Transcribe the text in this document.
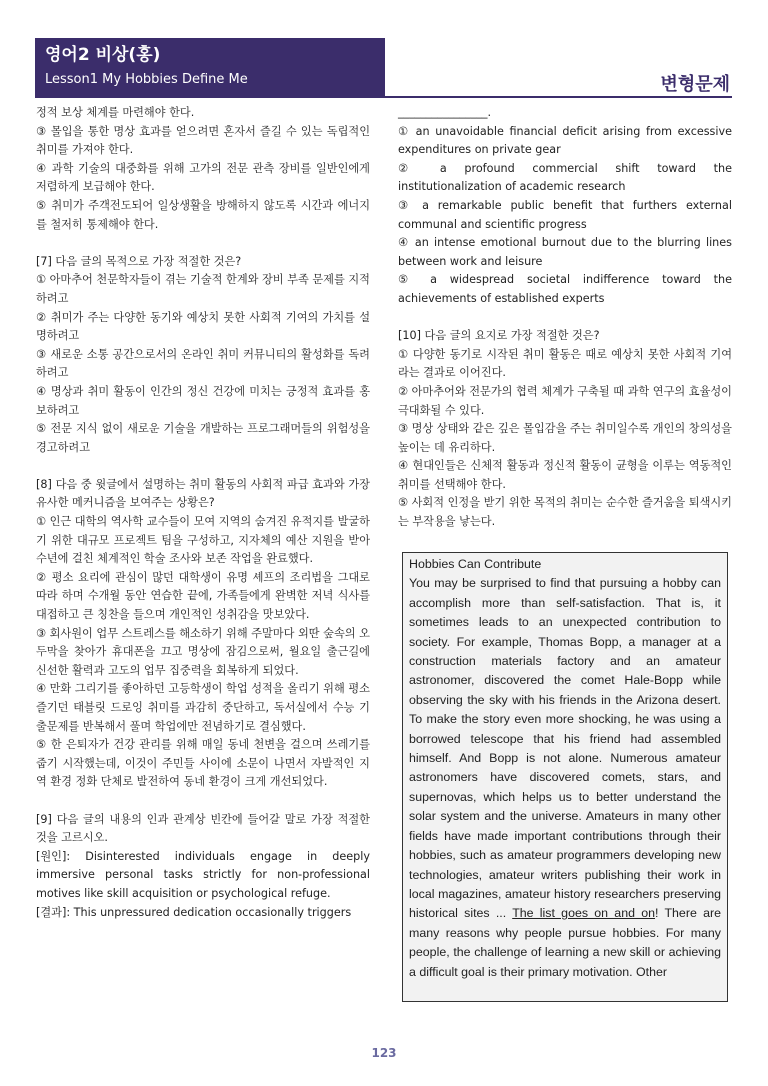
영어2 비상(홍)
Lesson1 My Hobbies Define Me	변형문제

정적 보상 체계를 마련해야 한다.

③ 몰입을 통한 명상 효과를 얻으려면 혼자서 즐길 수 있는 독립적인 취미를 가져야 한다.

④ 과학 기술의 대중화를 위해 고가의 전문 관측 장비를 일반인에게 저렴하게 보급해야 한다.

⑤ 취미가 주객전도되어 일상생활을 방해하지 않도록 시간과 에너지를 철저히 통제해야 한다.

[7] 다음 글의 목적으로 가장 적절한 것은?

① 아마추어 천문학자들이 겪는 기술적 한계와 장비 부족 문제를 지적하려고

② 취미가 주는 다양한 동기와 예상치 못한 사회적 기여의 가치를 설명하려고

③ 새로운 소통 공간으로서의 온라인 취미 커뮤니티의 활성화를 독려하려고

④ 명상과 취미 활동이 인간의 정신 건강에 미치는 긍정적 효과를 홍보하려고

⑤ 전문 지식 없이 새로운 기술을 개발하는 프로그래머들의 위험성을 경고하려고

[8] 다음 중 윗글에서 설명하는 취미 활동의 사회적 파급 효과와 가장 유사한 메커니즘을 보여주는 상황은?

① 인근 대학의 역사학 교수들이 모여 지역의 숨겨진 유적지를 발굴하기 위한 대규모 프로젝트 팀을 구성하고, 지자체의 예산 지원을 받아 수년에 걸친 체계적인 학술 조사와 보존 작업을 완료했다.

② 평소 요리에 관심이 많던 대학생이 유명 셰프의 조리법을 그대로 따라 하며 수개월 동안 연습한 끝에, 가족들에게 완벽한 저녁 식사를 대접하고 큰 칭찬을 들으며 개인적인 성취감을 맛보았다.

③ 회사원이 업무 스트레스를 해소하기 위해 주말마다 외딴 숲속의 오두막을 찾아가 휴대폰을 끄고 명상에 잠김으로써, 월요일 출근길에 신선한 활력과 고도의 업무 집중력을 회복하게 되었다.

④ 만화 그리기를 좋아하던 고등학생이 학업 성적을 올리기 위해 평소 즐기던 태블릿 드로잉 취미를 과감히 중단하고, 독서실에서 수능 기출문제를 반복해서 풀며 학업에만 전념하기로 결심했다.

⑤ 한 은퇴자가 건강 관리를 위해 매일 동네 천변을 걸으며 쓰레기를 줍기 시작했는데, 이것이 주민들 사이에 소문이 나면서 자발적인 지역 환경 정화 단체로 발전하여 동네 환경이 크게 개선되었다.

[9] 다음 글의 내용의 인과 관계상 빈칸에 들어갈 말로 가장 적절한 것을 고르시오.

[원인]: Disinterested individuals engage in deeply immersive personal tasks strictly for non-professional motives like skill acquisition or psychological refuge.

[결과]: This unpressured dedication occasionally triggers

________________.

① an unavoidable financial deficit arising from excessive expenditures on private gear

② a profound commercial shift toward the institutionalization of academic research

③ a remarkable public benefit that furthers external communal and scientific progress

④ an intense emotional burnout due to the blurring lines between work and leisure

⑤ a widespread societal indifference toward the achievements of established experts

[10] 다음 글의 요지로 가장 적절한 것은?

① 다양한 동기로 시작된 취미 활동은 때로 예상치 못한 사회적 기여라는 결과로 이어진다.

② 아마추어와 전문가의 협력 체계가 구축될 때 과학 연구의 효율성이 극대화될 수 있다.

③ 명상 상태와 같은 깊은 몰입감을 주는 취미일수록 개인의 창의성을 높이는 데 유리하다.

④ 현대인들은 신체적 활동과 정신적 활동이 균형을 이루는 역동적인 취미를 선택해야 한다.

⑤ 사회적 인정을 받기 위한 목적의 취미는 순수한 즐거움을 퇴색시키는 부작용을 낳는다.

Hobbies Can Contribute
You may be surprised to find that pursuing a hobby can accomplish more than self-satisfaction. That is, it sometimes leads to an unexpected contribution to society. For example, Thomas Bopp, a manager at a construction materials factory and an amateur astronomer, discovered the comet Hale-Bopp while observing the sky with his friends in the Arizona desert. To make the story even more shocking, he was using a borrowed telescope that his friend had assembled himself. And Bopp is not alone. Numerous amateur astronomers have discovered comets, stars, and supernovas, which helps us to better understand the solar system and the universe. Amateurs in many other fields have made important contributions through their hobbies, such as amateur programmers developing new technologies, amateur writers publishing their work in local magazines, amateur history researchers preserving historical sites ... The list goes on and on! There are many reasons why people pursue hobbies. For many people, the challenge of learning a new skill or achieving a difficult goal is their primary motivation. Other
123
